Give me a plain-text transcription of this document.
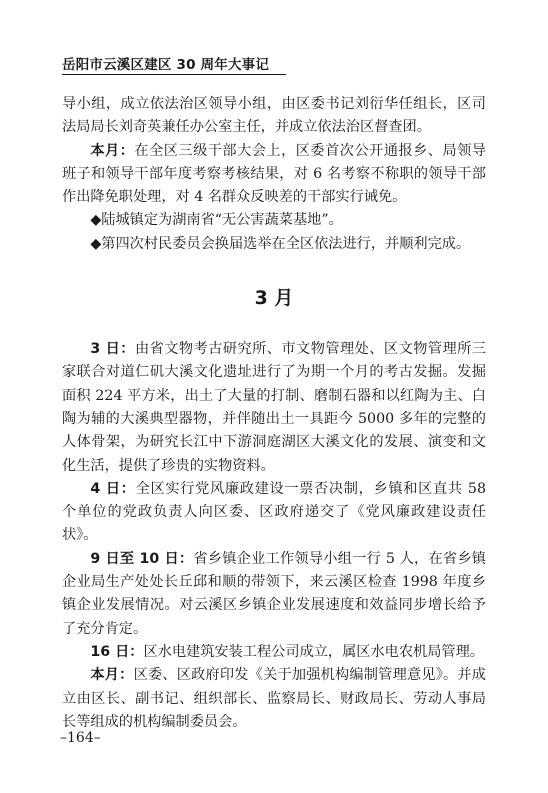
岳阳市云溪区建区 30 周年大事记

导小组，成立依法治区领导小组，由区委书记刘衍华任组长，区司法局局长刘奇英兼任办公室主任，并成立依法治区督查团。

本月：在全区三级干部大会上，区委首次公开通报乡、局领导班子和领导干部年度考察考核结果，对 6 名考察不称职的领导干部作出降免职处理，对 4 名群众反映差的干部实行诫免。

◆陆城镇定为湖南省“无公害蔬菜基地”。

◆第四次村民委员会换届选举在全区依法进行，并顺利完成。

3 月

3 日：由省文物考古研究所、市文物管理处、区文物管理所三家联合对道仁矶大溪文化遗址进行了为期一个月的考古发掘。发掘面积 224 平方米，出土了大量的打制、磨制石器和以红陶为主、白陶为辅的大溪典型器物，并伴随出土一具距今 5000 多年的完整的人体骨架，为研究长江中下游洞庭湖区大溪文化的发展、演变和文化生活，提供了珍贵的实物资料。

4 日：全区实行党风廉政建设一票否决制，乡镇和区直共 58 个单位的党政负责人向区委、区政府递交了《党风廉政建设责任状》。

9 日至 10 日：省乡镇企业工作领导小组一行 5 人，在省乡镇企业局生产处处长丘邱和顺的带领下，来云溪区检查 1998 年度乡镇企业发展情况。对云溪区乡镇企业发展速度和效益同步增长给予了充分肯定。

16 日：区水电建筑安装工程公司成立，属区水电农机局管理。

本月：区委、区政府印发《关于加强机构编制管理意见》。并成立由区长、副书记、组织部长、监察局长、财政局长、劳动人事局长等组成的机构编制委员会。

–164–
